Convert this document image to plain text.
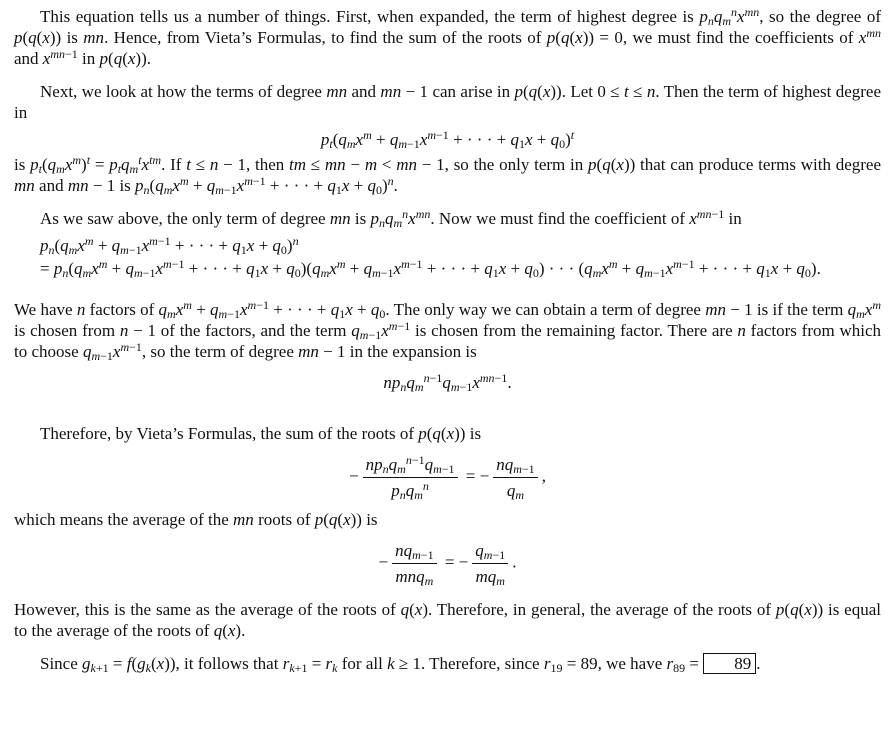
This equation tells us a number of things. First, when expanded, the term of highest degree is $p_nq_m^nx^{mn}$, so the degree of p(q(x)) is mn. Hence, from Vieta’s Formulas, to find the sum of the roots of p(q(x)) = 0, we must find the coefficients of $x^{mn}$ and $x^{mn-1}$ in p(q(x)).

Next, we look at how the terms of degree mn and mn − 1 can arise in p(q(x)). Let 0 ≤ t ≤ n. Then the term of highest degree in

$p_t(q_mx^m + q_{m-1}x^{m-1}$ + · · · + $q_1x + q_0)^t$

is $p_t(q_mx^m)^t = p_tq_m^tx^{tm}$. If t ≤ n − 1, then tm ≤ mn − m < mn − 1, so the only term in p(q(x)) that can produce terms with degree mn and mn − 1 is $p_n(q_mx^m + q_{m-1}x^{m-1}$ + · · · + $q_1x + q_0)^n$.

As we saw above, the only term of degree mn is $p_nq_m^nx^{mn}$. Now we must find the coefficient of $x^{mn-1}$ in

$p_n(q_mx^m + q_{m-1}x^{m-1}$ + · · · + $q_1x + q_0)^n$
= $p_n(q_mx^m + q_{m-1}x^{m-1}$ + · · · + $q_1x + q_0)(q_mx^m + q_{m-1}x^{m-1}$ + · · · + $q_1x + q_0$) · · · ($q_mx^m + q_{m-1}x^{m-1}$ + · · · + $q_1x + q_0$).

We have n factors of $q_mx^m + q_{m-1}x^{m-1}$ + · · · + $q_1x + q_0$. The only way we can obtain a term of degree mn − 1 is if the term $q_mx^m$ is chosen from n − 1 of the factors, and the term $q_{m-1}x^{m-1}$ is chosen from the remaining factor. There are n factors from which to choose $q_{m-1}x^{m-1}$, so the term of degree mn − 1 in the expansion is

$np_nq_m^{n-1}q_{m-1}x^{mn-1}$.

Therefore, by Vieta’s Formulas, the sum of the roots of p(q(x)) is

− $\frac{np_nq_m^{n-1}q_{m-1}}{p_nq_m^n}$ = − $\frac{nq_{m-1}}{q_m}$ ,

which means the average of the mn roots of p(q(x)) is

− $\frac{nq_{m-1}}{mnq_m}$ = − $\frac{q_{m-1}}{mq_m}$ .

However, this is the same as the average of the roots of q(x). Therefore, in general, the average of the roots of p(q(x)) is equal to the average of the roots of q(x).

Since $g_{k+1} = f(g_k(x))$, it follows that $r_{k+1} = r_k$ for all k ≥ 1. Therefore, since $r_{19} = 89$, we have $r_{89} = 89$ .
